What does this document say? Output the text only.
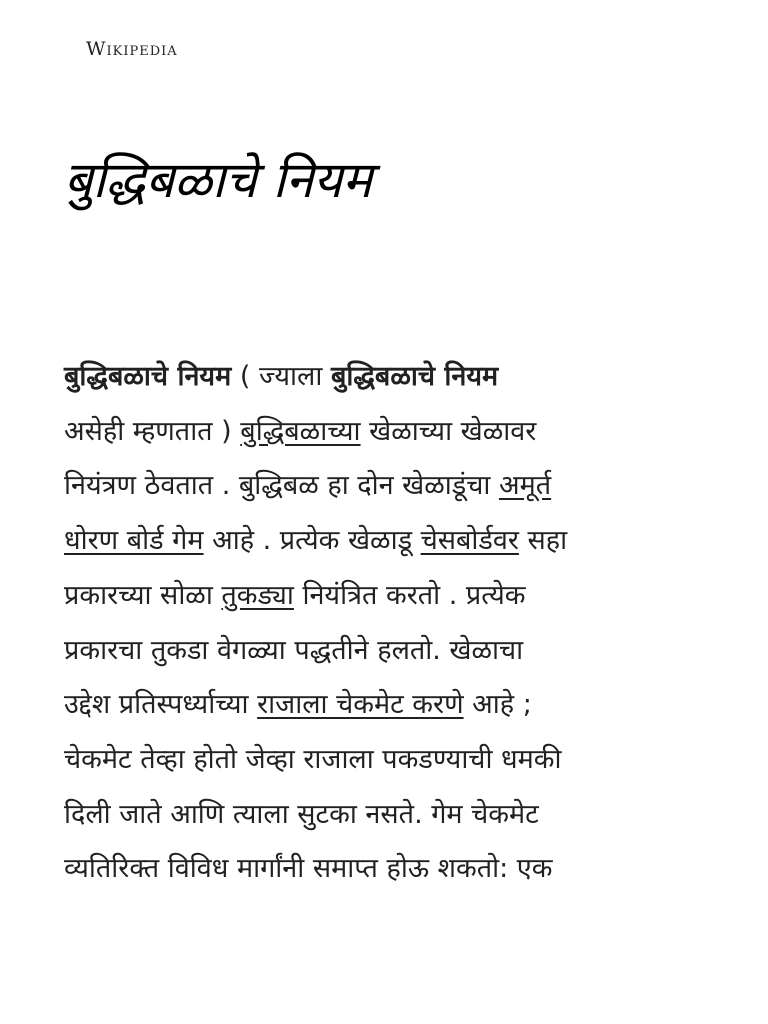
Wikipedia
बुद्धिबळाचे नियम

बुद्धिबळाचे नियम ( ज्याला बुद्धिबळाचे नियम
असेही म्हणतात ) बुद्धिबळाच्या खेळाच्या खेळावर
नियंत्रण ठेवतात . बुद्धिबळ हा दोन खेळाडूंचा अमूर्त
धोरण बोर्ड गेम आहे . प्रत्येक खेळाडू चेसबोर्डवर सहा
प्रकारच्या सोळा तुकड्या नियंत्रित करतो . प्रत्येक
प्रकारचा तुकडा वेगळ्या पद्धतीने हलतो. खेळाचा
उद्देश प्रतिस्पर्ध्याच्या राजाला चेकमेट करणे आहे ;
चेकमेट तेव्हा होतो जेव्हा राजाला पकडण्याची धमकी
दिली जाते आणि त्याला सुटका नसते. गेम चेकमेट
व्यतिरिक्त विविध मार्गांनी समाप्त होऊ शकतो: एक
